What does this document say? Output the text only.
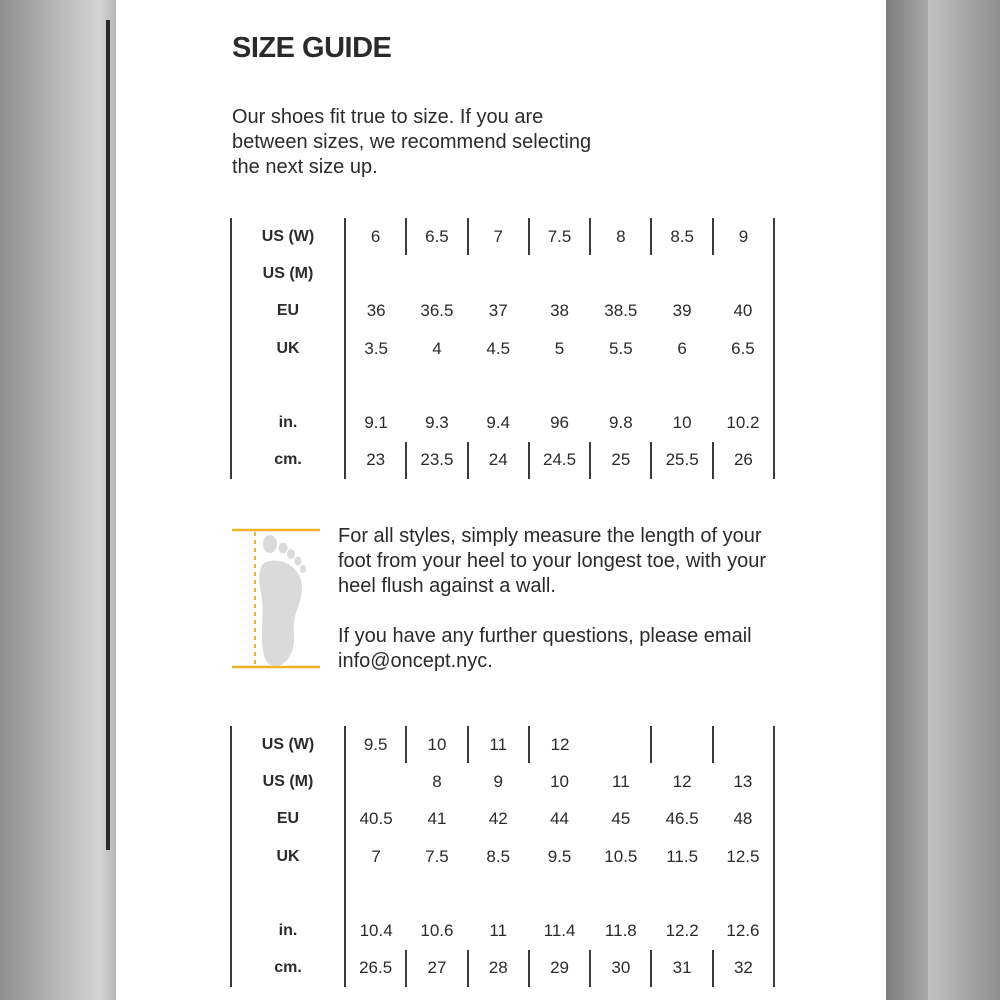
SIZE GUIDE

Our shoes fit true to size. If you are between sizes, we recommend selecting the next size up.

US (W)	6	6.5	7	7.5	8	8.5	9
US (M)							
EU	36	36.5	37	38	38.5	39	40
UK	3.5	4	4.5	5	5.5	6	6.5

in.	9.1	9.3	9.4	96	9.8	10	10.2
cm.	23	23.5	24	24.5	25	25.5	26

For all styles, simply measure the length of your foot from your heel to your longest toe, with your heel flush against a wall.

If you have any further questions, please email info@oncept.nyc.

US (W)	9.5	10	11	12			
US (M)		8	9	10	11	12	13
EU	40.5	41	42	44	45	46.5	48
UK	7	7.5	8.5	9.5	10.5	11.5	12.5

in.	10.4	10.6	11	11.4	11.8	12.2	12.6
cm.	26.5	27	28	29	30	31	32
